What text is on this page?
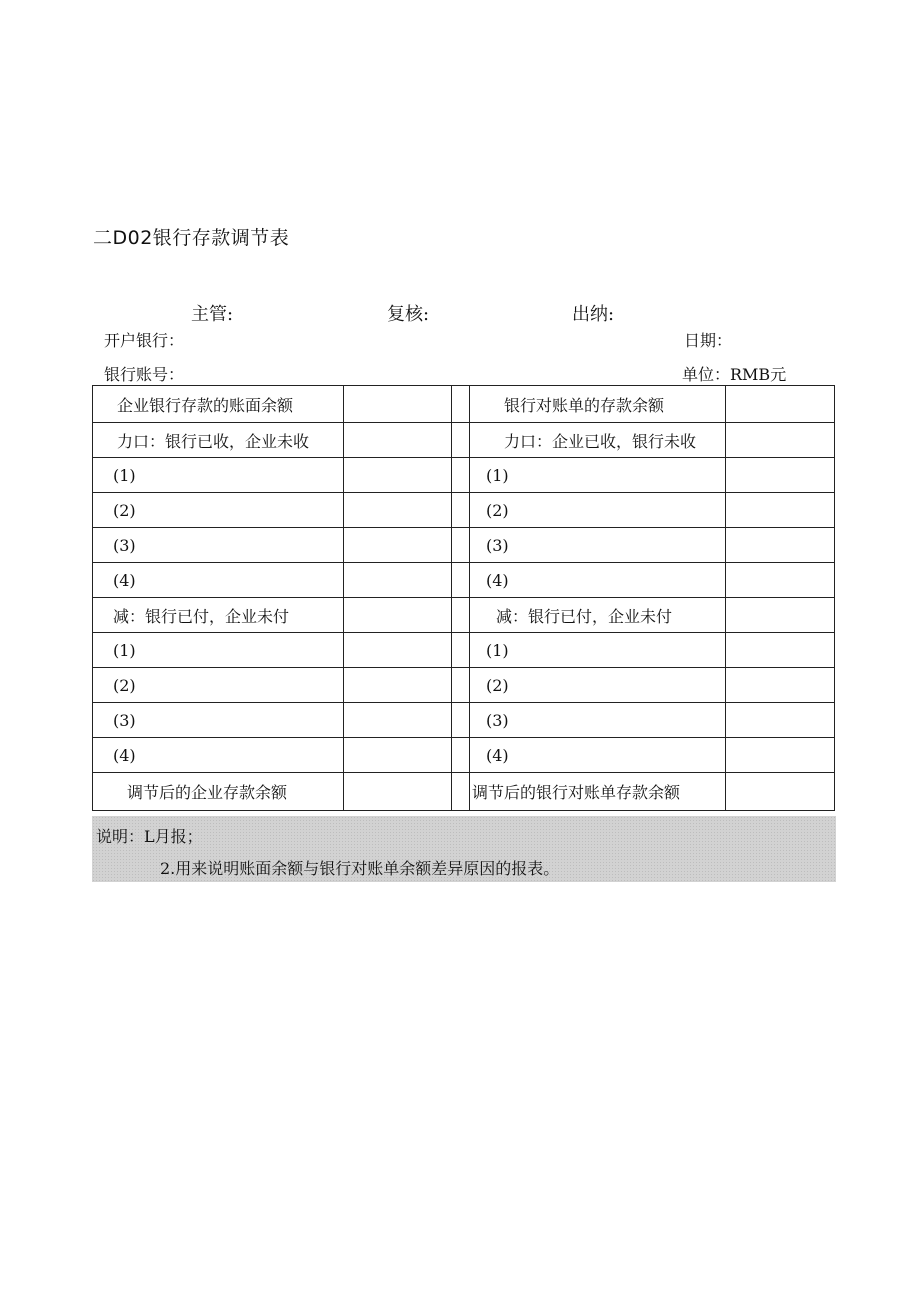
二D02银行存款调节表
主管:	复核:	出纳:
开户银行：	日期：
银行账号：	单位：RMB元
企业银行存款的账面余额			银行对账单的存款余额	
力口：银行已收，企业未收			力口：企业已收，银行未收	
(1)			(1)	
(2)			(2)	
(3)			(3)	
(4)			(4)	
减：银行已付，企业未付			减：银行已付，企业未付	
(1)			(1)	
(2)			(2)	
(3)			(3)	
(4)			(4)	
调节后的企业存款余额			调节后的银行对账单存款余额	
说明：L月报；
2.用来说明账面余额与银行对账单余额差异原因的报表。
